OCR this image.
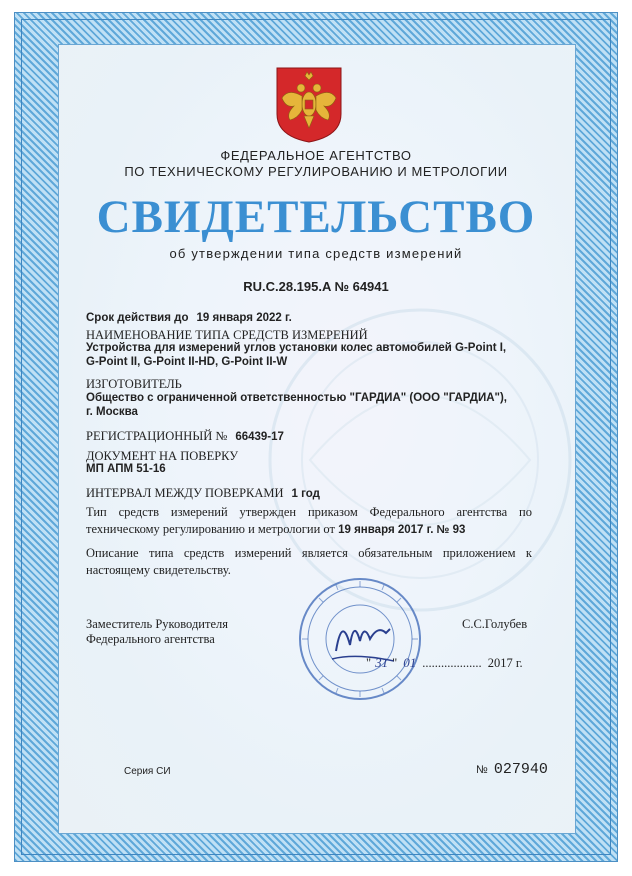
ФЕДЕРАЛЬНОЕ АГЕНТСТВО
ПО ТЕХНИЧЕСКОМУ РЕГУЛИРОВАНИЮ И МЕТРОЛОГИИ
СВИДЕТЕЛЬСТВО
об утверждении типа средств измерений
RU.C.28.195.A № 64941
Срок действия до 19 января 2022 г.
НАИМЕНОВАНИЕ ТИПА СРЕДСТВ ИЗМЕРЕНИЙ
Устройства для измерений углов установки колес автомобилей G-Point I,
G-Point II, G-Point II-HD, G-Point II-W
ИЗГОТОВИТЕЛЬ
Общество с ограниченной ответственностью "ГАРДИА" (ООО "ГАРДИА"),
г. Москва
РЕГИСТРАЦИОННЫЙ № 66439-17
ДОКУМЕНТ НА ПОВЕРКУ
МП АПМ 51-16
ИНТЕРВАЛ МЕЖДУ ПОВЕРКАМИ 1 год
Тип средств измерений утвержден приказом Федерального агентства по техническому регулированию и метрологии от 19 января 2017 г. № 93
Описание типа средств измерений является обязательным приложением к настоящему свидетельству.
Заместитель Руководителя
Федерального агентства
С.С.Голубев
" 31 " 01 ................... 2017 г.
Серия СИ	№ 027940
